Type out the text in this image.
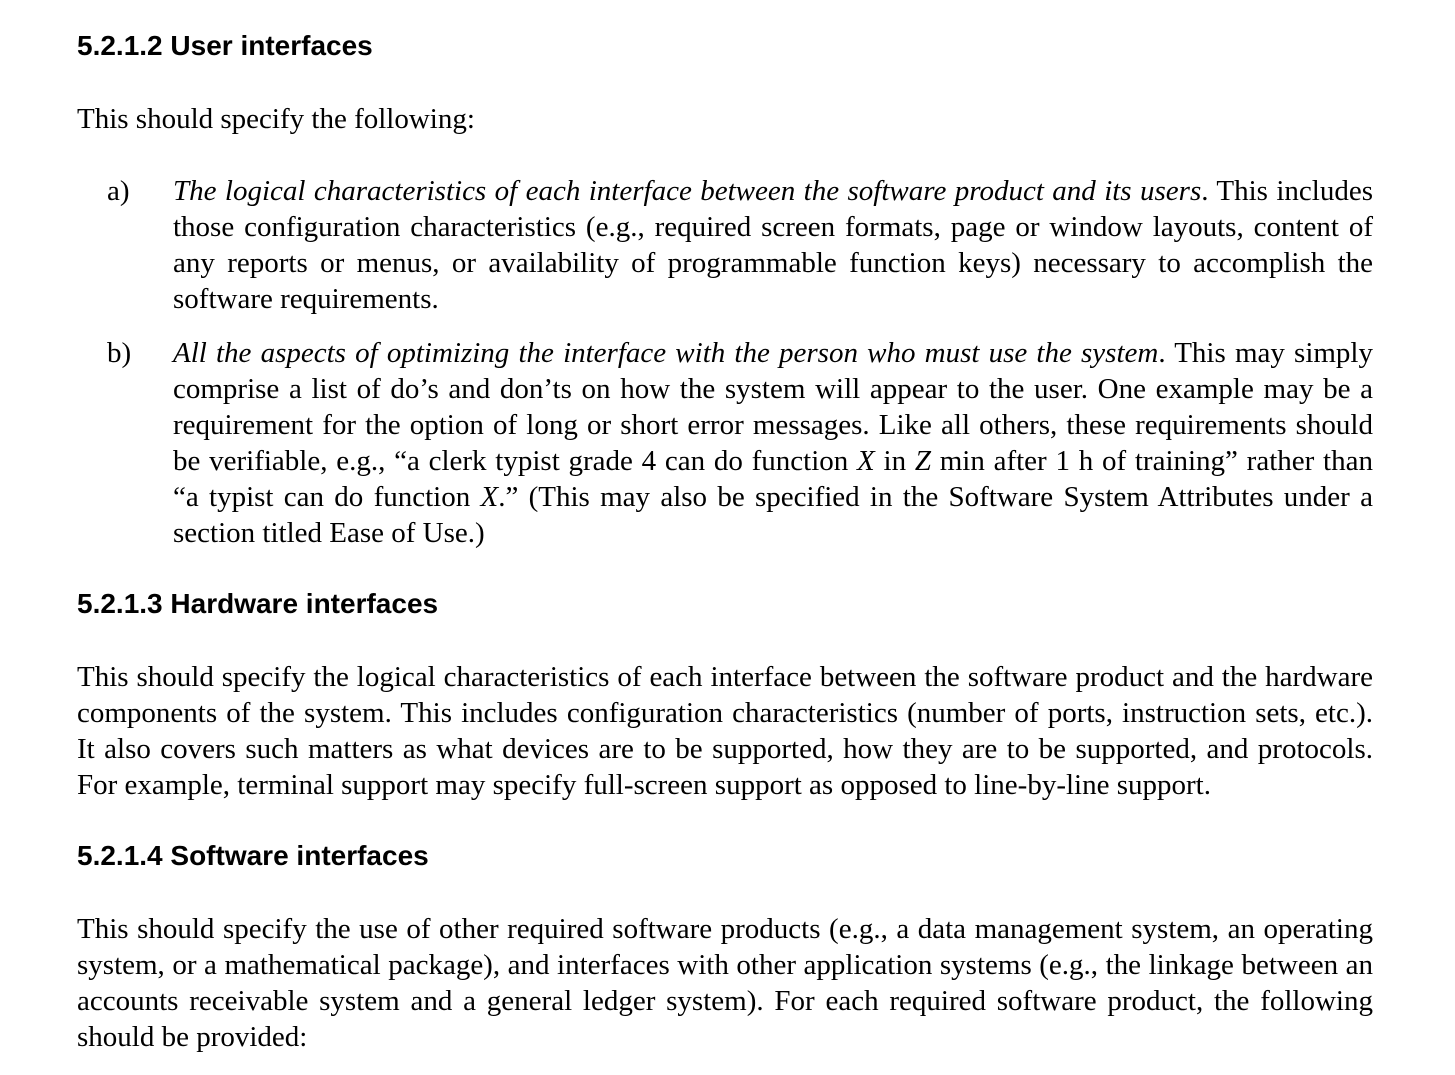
5.2.1.2 User interfaces
This should specify the following:
a) The logical characteristics of each interface between the software product and its users. This includes those configuration characteristics (e.g., required screen formats, page or window layouts, content of any reports or menus, or availability of programmable function keys) necessary to accomplish the software requirements.
b) All the aspects of optimizing the interface with the person who must use the system. This may simply comprise a list of do’s and don’ts on how the system will appear to the user. One example may be a requirement for the option of long or short error messages. Like all others, these requirements should be verifiable, e.g., “a clerk typist grade 4 can do function X in Z min after 1 h of training” rather than “a typist can do function X.” (This may also be specified in the Software System Attributes under a section titled Ease of Use.)
5.2.1.3 Hardware interfaces
This should specify the logical characteristics of each interface between the software product and the hardware components of the system. This includes configuration characteristics (number of ports, instruction sets, etc.). It also covers such matters as what devices are to be supported, how they are to be supported, and protocols. For example, terminal support may specify full-screen support as opposed to line-by-line support.
5.2.1.4 Software interfaces
This should specify the use of other required software products (e.g., a data management system, an operating system, or a mathematical package), and interfaces with other application systems (e.g., the linkage between an accounts receivable system and a general ledger system). For each required software product, the following should be provided:
